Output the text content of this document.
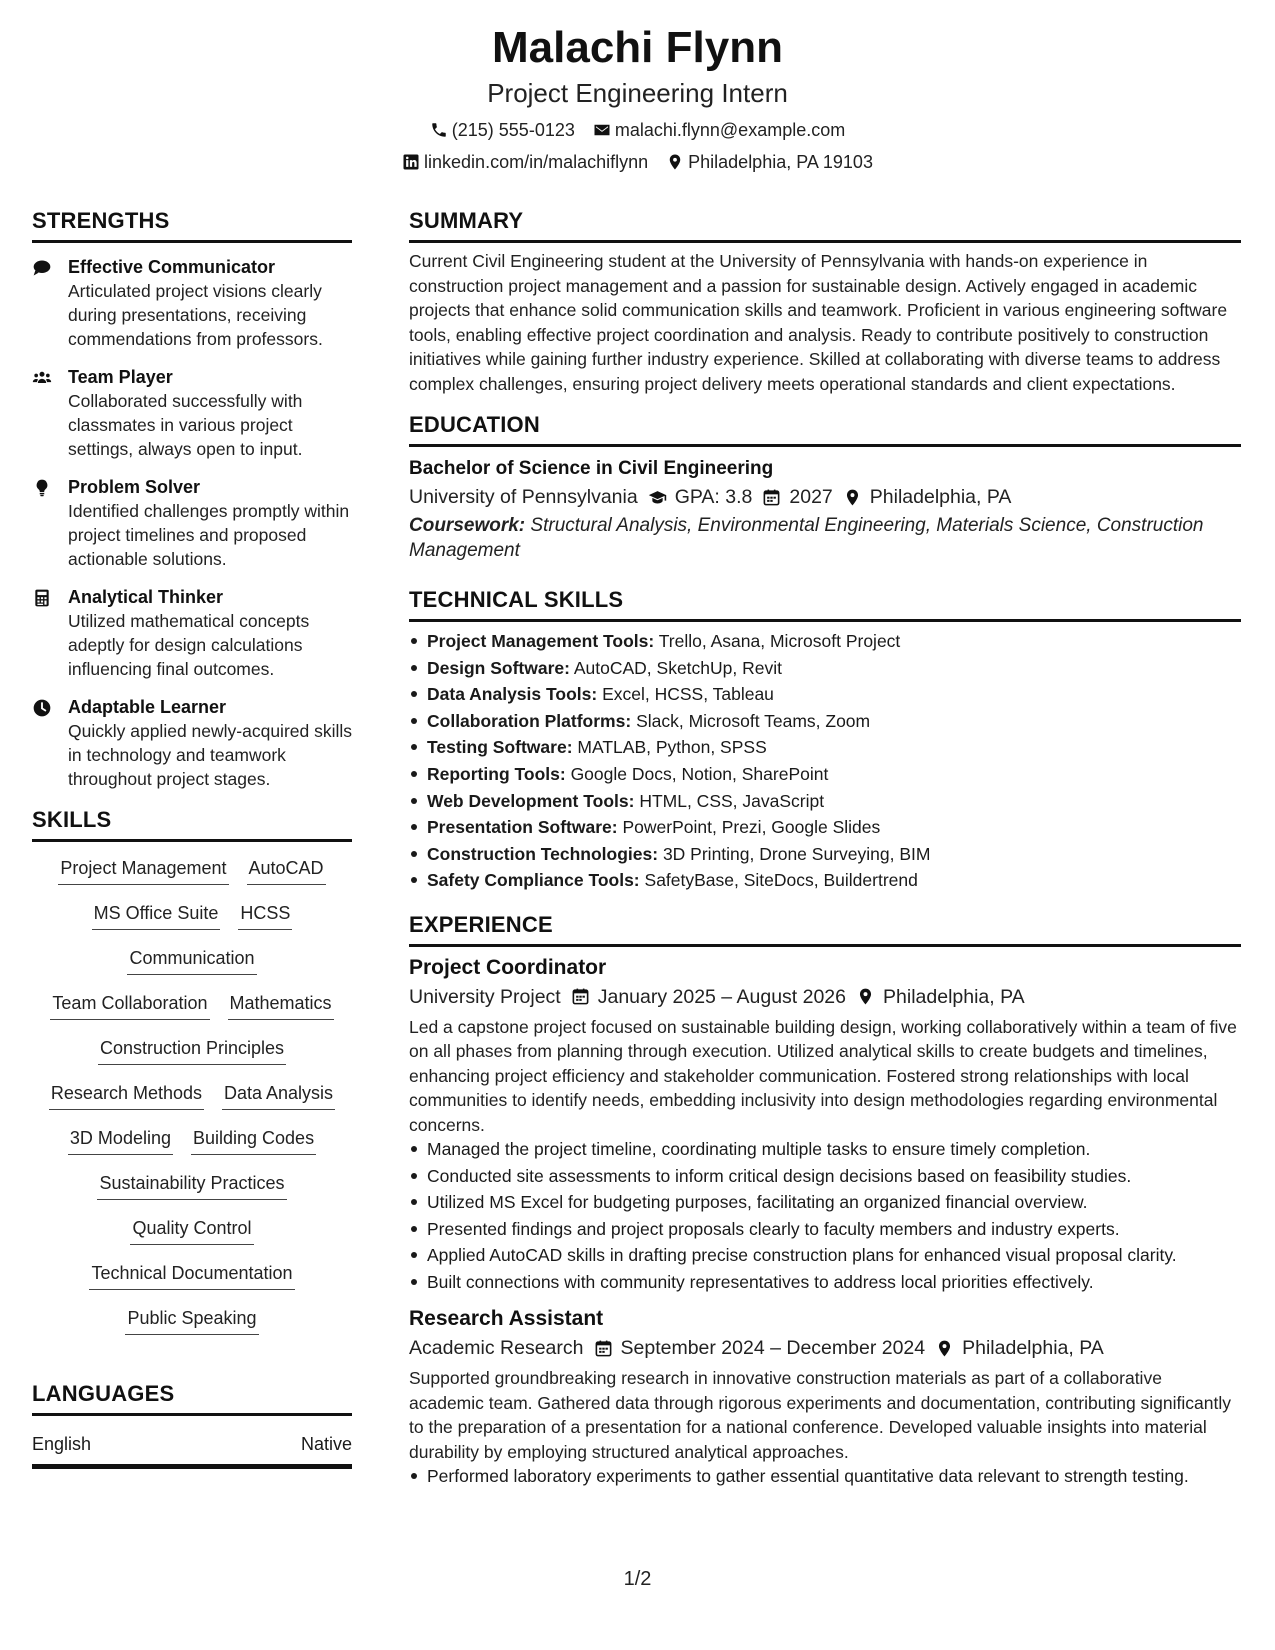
Malachi Flynn
Project Engineering Intern
(215) 555-0123 malachi.flynn@example.com
linkedin.com/in/malachiflynn Philadelphia, PA 19103
STRENGTHS
Effective Communicator
Articulated project visions clearly during presentations, receiving commendations from professors.
Team Player
Collaborated successfully with classmates in various project settings, always open to input.
Problem Solver
Identified challenges promptly within project timelines and proposed actionable solutions.
Analytical Thinker
Utilized mathematical concepts adeptly for design calculations influencing final outcomes.
Adaptable Learner
Quickly applied newly-acquired skills in technology and teamwork throughout project stages.
SKILLS
Project Management AutoCAD
MS Office Suite HCSS
Communication
Team Collaboration Mathematics
Construction Principles
Research Methods Data Analysis
3D Modeling Building Codes
Sustainability Practices
Quality Control
Technical Documentation
Public Speaking
LANGUAGES
English	Native
SUMMARY
Current Civil Engineering student at the University of Pennsylvania with hands-on experience in construction project management and a passion for sustainable design. Actively engaged in academic projects that enhance solid communication skills and teamwork. Proficient in various engineering software tools, enabling effective project coordination and analysis. Ready to contribute positively to construction initiatives while gaining further industry experience. Skilled at collaborating with diverse teams to address complex challenges, ensuring project delivery meets operational standards and client expectations.
EDUCATION
Bachelor of Science in Civil Engineering
University of Pennsylvania GPA: 3.8 2027 Philadelphia, PA
Coursework: Structural Analysis, Environmental Engineering, Materials Science, Construction Management
TECHNICAL SKILLS
Project Management Tools: Trello, Asana, Microsoft Project
Design Software: AutoCAD, SketchUp, Revit
Data Analysis Tools: Excel, HCSS, Tableau
Collaboration Platforms: Slack, Microsoft Teams, Zoom
Testing Software: MATLAB, Python, SPSS
Reporting Tools: Google Docs, Notion, SharePoint
Web Development Tools: HTML, CSS, JavaScript
Presentation Software: PowerPoint, Prezi, Google Slides
Construction Technologies: 3D Printing, Drone Surveying, BIM
Safety Compliance Tools: SafetyBase, SiteDocs, Buildertrend
EXPERIENCE
Project Coordinator
University Project January 2025 – August 2026 Philadelphia, PA
Led a capstone project focused on sustainable building design, working collaboratively within a team of five on all phases from planning through execution. Utilized analytical skills to create budgets and timelines, enhancing project efficiency and stakeholder communication. Fostered strong relationships with local communities to identify needs, embedding inclusivity into design methodologies regarding environmental concerns.
Managed the project timeline, coordinating multiple tasks to ensure timely completion.
Conducted site assessments to inform critical design decisions based on feasibility studies.
Utilized MS Excel for budgeting purposes, facilitating an organized financial overview.
Presented findings and project proposals clearly to faculty members and industry experts.
Applied AutoCAD skills in drafting precise construction plans for enhanced visual proposal clarity.
Built connections with community representatives to address local priorities effectively.
Research Assistant
Academic Research September 2024 – December 2024 Philadelphia, PA
Supported groundbreaking research in innovative construction materials as part of a collaborative academic team. Gathered data through rigorous experiments and documentation, contributing significantly to the preparation of a presentation for a national conference. Developed valuable insights into material durability by employing structured analytical approaches.
Performed laboratory experiments to gather essential quantitative data relevant to strength testing.
1/2
